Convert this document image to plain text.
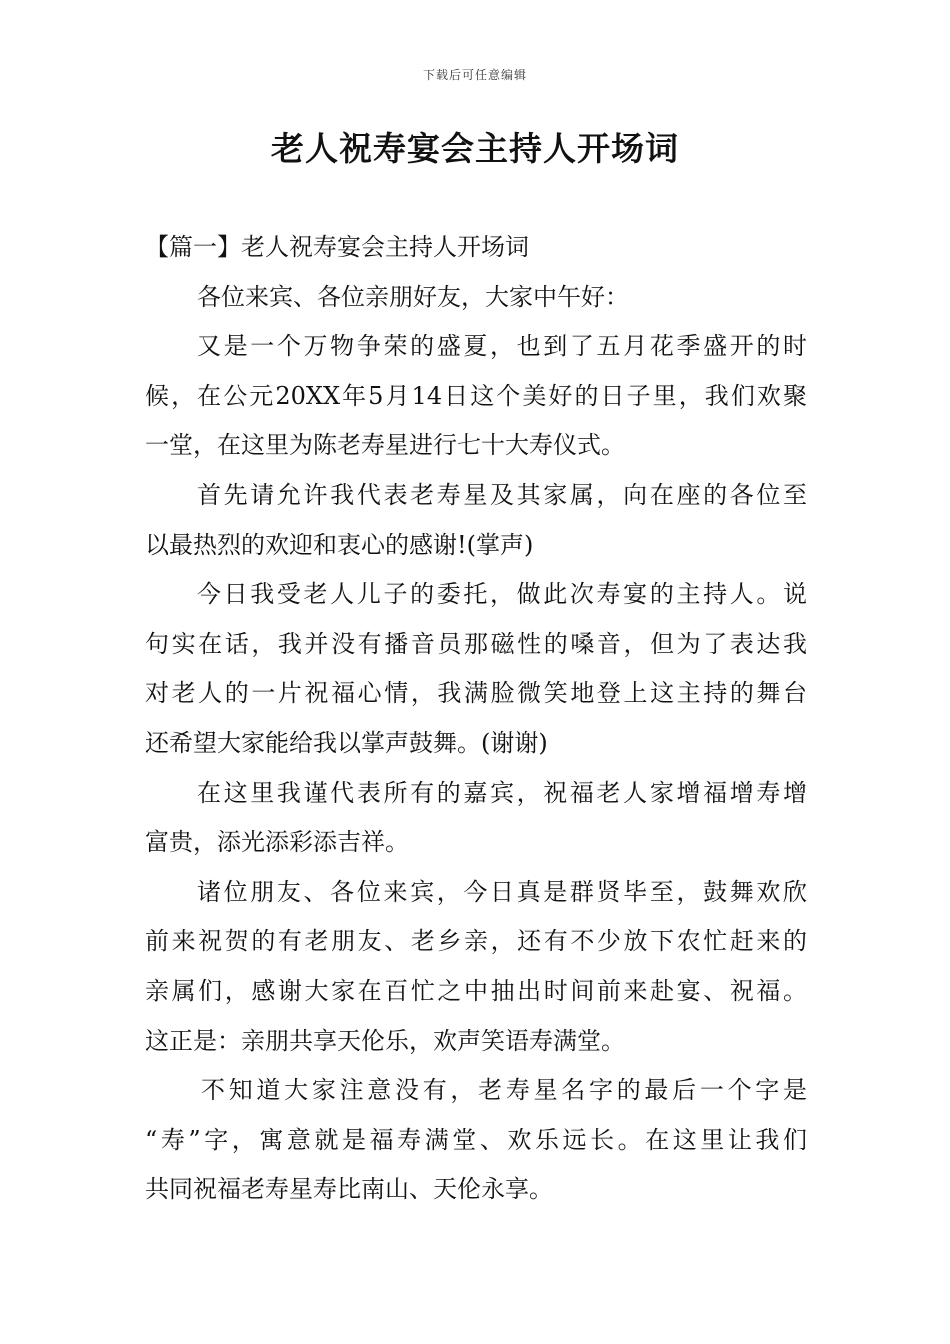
下载后可任意编辑
老人祝寿宴会主持人开场词
【篇一】老人祝寿宴会主持人开场词
各位来宾、各位亲朋好友，大家中午好：
又是一个万物争荣的盛夏，也到了五月花季盛开的时
候，在公元20XX年5月14日这个美好的日子里，我们欢聚
一堂，在这里为陈老寿星进行七十大寿仪式。
首先请允许我代表老寿星及其家属，向在座的各位至
以最热烈的欢迎和衷心的感谢!(掌声)
今日我受老人儿子的委托，做此次寿宴的主持人。说
句实在话，我并没有播音员那磁性的嗓音，但为了表达我
对老人的一片祝福心情，我满脸微笑地登上这主持的舞台
还希望大家能给我以掌声鼓舞。(谢谢)
在这里我谨代表所有的嘉宾，祝福老人家增福增寿增
富贵，添光添彩添吉祥。
诸位朋友、各位来宾，今日真是群贤毕至，鼓舞欢欣
前来祝贺的有老朋友、老乡亲，还有不少放下农忙赶来的
亲属们，感谢大家在百忙之中抽出时间前来赴宴、祝福。
这正是：亲朋共享天伦乐，欢声笑语寿满堂。
不知道大家注意没有，老寿星名字的最后一个字是
“寿”字，寓意就是福寿满堂、欢乐远长。在这里让我们
共同祝福老寿星寿比南山、天伦永享。
